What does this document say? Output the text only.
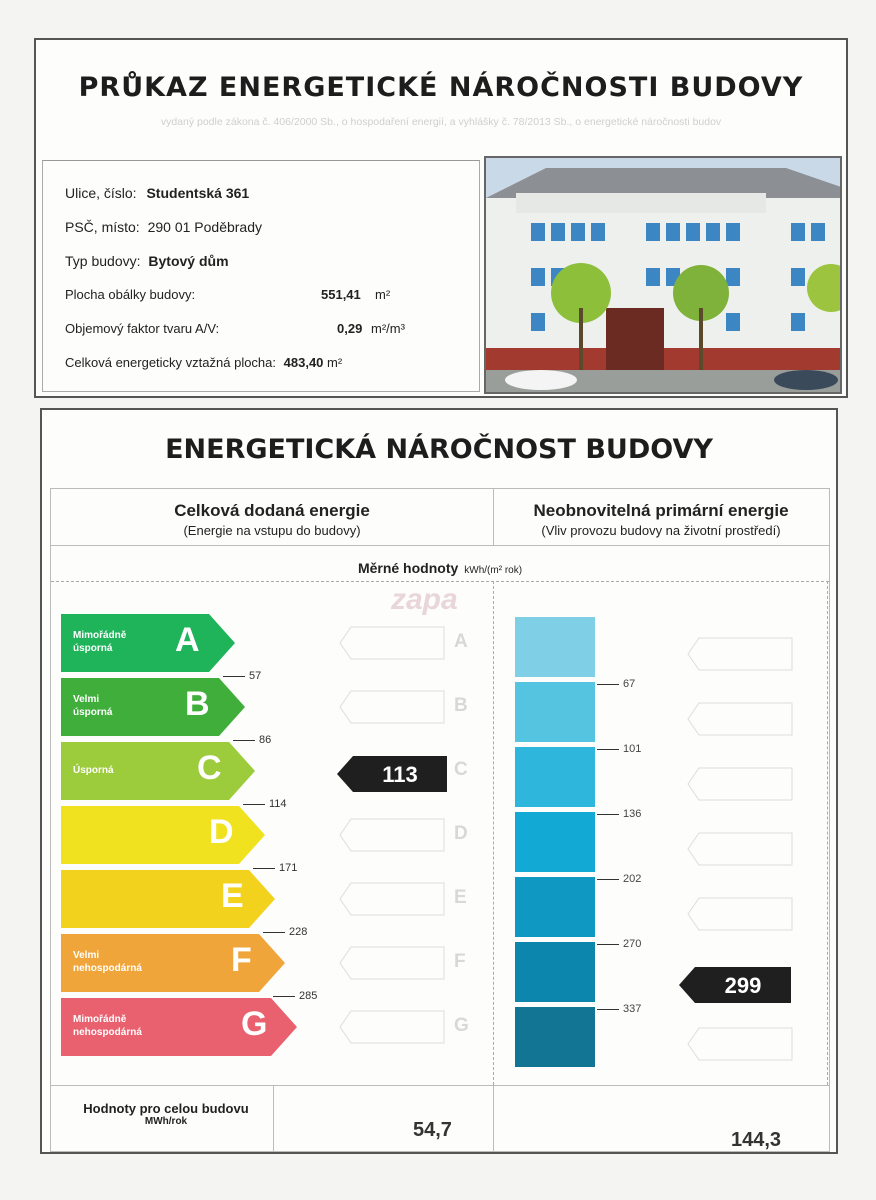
PRŮKAZ ENERGETICKÉ NÁROČNOSTI BUDOVY
vydaný podle zákona č. 406/2000 Sb., o hospodaření energií, a vyhlášky č. 78/2013 Sb., o energetické náročnosti budov
Ulice, číslo: Studentská 361
PSČ, místo: 290 01 Poděbrady
Typ budovy: Bytový dům
Plocha obálky budovy:	551,41 m²
Objemový faktor tvaru A/V:	0,29 m²/m³
Celková energeticky vztažná plocha: 483,40 m²
ENERGETICKÁ NÁROČNOST BUDOVY
Celková dodaná energie
(Energie na vstupu do budovy)
Neobnovitelná primární energie
(Vliv provozu budovy na životní prostředí)
Měrné hodnoty kWh/(m² rok)
zapa
Mimořádně
úsporná	A
Velmi
úsporná B
Úsporná C
D
E
Velmi
nehospodárná	F
Mimořádně
nehospodárná	G
57
86
114
171
228
285
A
B
C
D
E
F
G
113
67
101
136
202
270
337
299
Hodnoty pro celou budovu
MWh/rok	54,7	144,3
